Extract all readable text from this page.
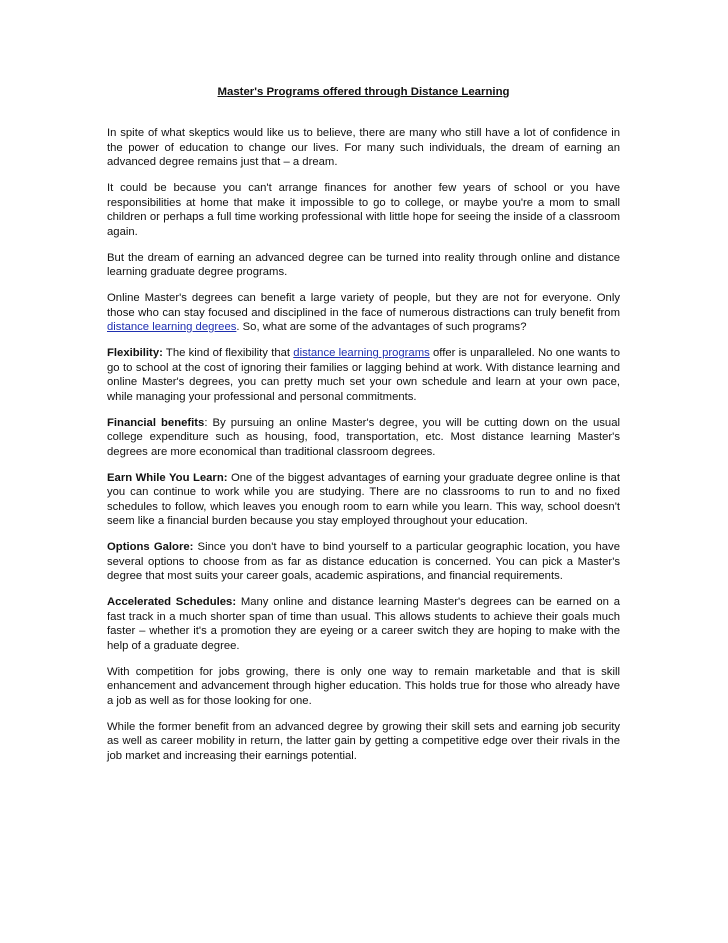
Master's Programs offered through Distance Learning

In spite of what skeptics would like us to believe, there are many who still have a lot of confidence in the power of education to change our lives. For many such individuals, the dream of earning an advanced degree remains just that – a dream.

It could be because you can't arrange finances for another few years of school or you have responsibilities at home that make it impossible to go to college, or maybe you're a mom to small children or perhaps a full time working professional with little hope for seeing the inside of a classroom again.

But the dream of earning an advanced degree can be turned into reality through online and distance learning graduate degree programs.

Online Master's degrees can benefit a large variety of people, but they are not for everyone. Only those who can stay focused and disciplined in the face of numerous distractions can truly benefit from distance learning degrees. So, what are some of the advantages of such programs?

Flexibility: The kind of flexibility that distance learning programs offer is unparalleled. No one wants to go to school at the cost of ignoring their families or lagging behind at work. With distance learning and online Master's degrees, you can pretty much set your own schedule and learn at your own pace, while managing your professional and personal commitments.

Financial benefits: By pursuing an online Master's degree, you will be cutting down on the usual college expenditure such as housing, food, transportation, etc. Most distance learning Master's degrees are more economical than traditional classroom degrees.

Earn While You Learn: One of the biggest advantages of earning your graduate degree online is that you can continue to work while you are studying. There are no classrooms to run to and no fixed schedules to follow, which leaves you enough room to earn while you learn. This way, school doesn't seem like a financial burden because you stay employed throughout your education.

Options Galore: Since you don't have to bind yourself to a particular geographic location, you have several options to choose from as far as distance education is concerned. You can pick a Master's degree that most suits your career goals, academic aspirations, and financial requirements.

Accelerated Schedules: Many online and distance learning Master's degrees can be earned on a fast track in a much shorter span of time than usual. This allows students to achieve their goals much faster – whether it's a promotion they are eyeing or a career switch they are hoping to make with the help of a graduate degree.

With competition for jobs growing, there is only one way to remain marketable and that is skill enhancement and advancement through higher education. This holds true for those who already have a job as well as for those looking for one.

While the former benefit from an advanced degree by growing their skill sets and earning job security as well as career mobility in return, the latter gain by getting a competitive edge over their rivals in the job market and increasing their earnings potential.
